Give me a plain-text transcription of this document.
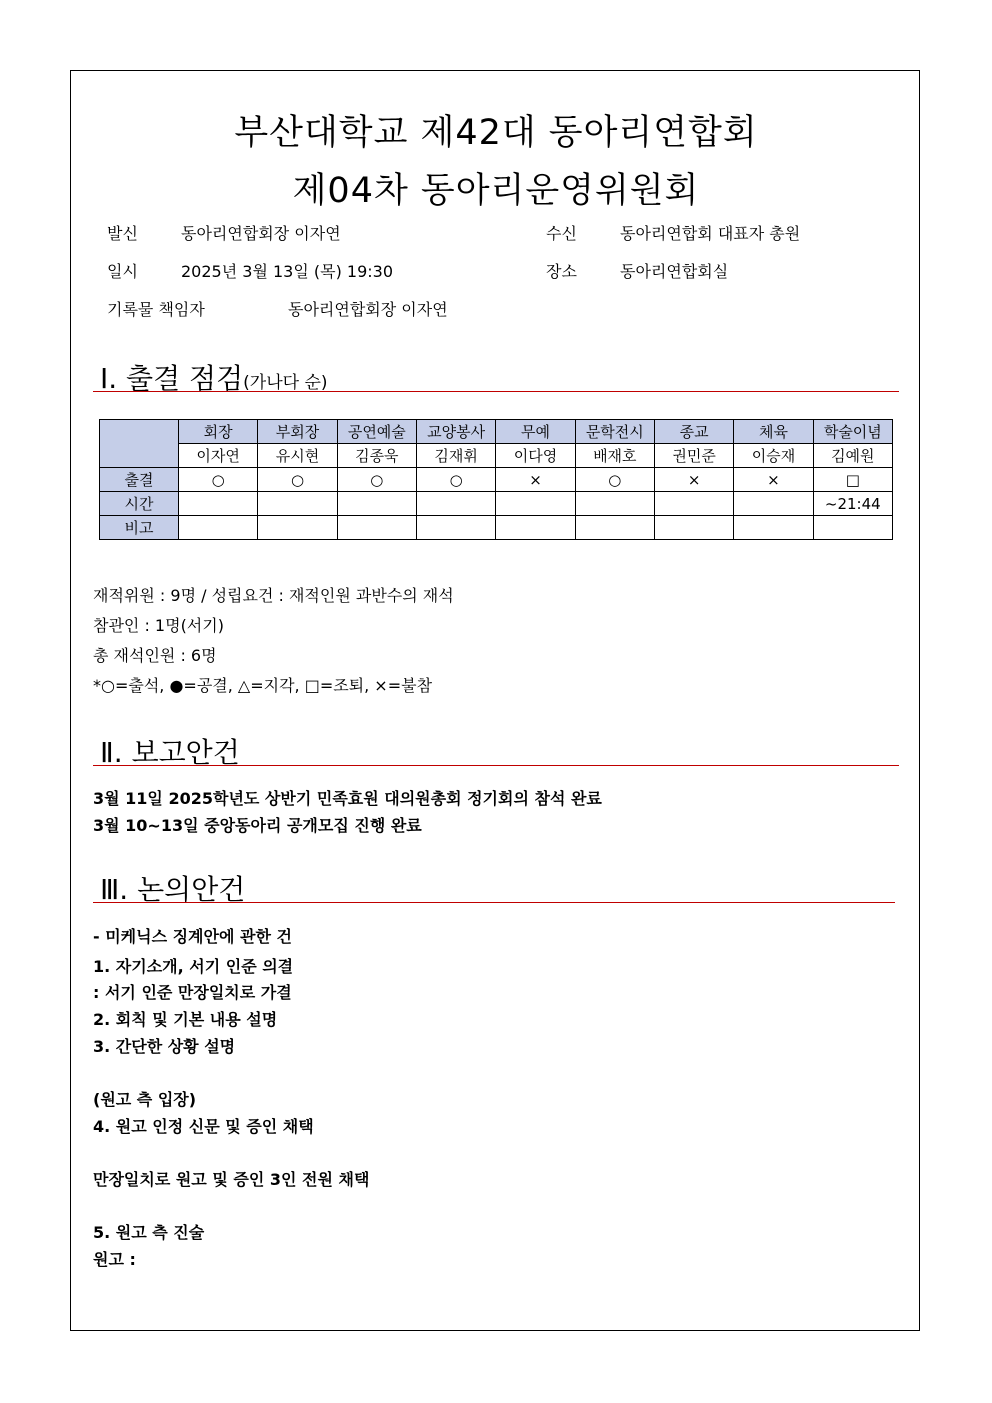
부산대학교 제42대 동아리연합회
제04차 동아리운영위원회
발신	동아리연합회장 이자연	수신	동아리연합회 대표자 총원
일시	2025년 3월 13일 (목) 19:30	장소	동아리연합회실
기록물 책임자	동아리연합회장 이자연
Ⅰ. 출결 점검(가나다 순)
	회장	부회장	공연예술	교양봉사	무예	문학전시	종교	체육	학술이념
	이자연	유시현	김종욱	김재휘	이다영	배재호	권민준	이승재	김예원
출결	○	○	○	○	×	○	×	×	□
시간									~21:44
비고									
재적위원 : 9명 / 성립요건 : 재적인원 과반수의 재석
참관인 : 1명(서기)
총 재석인원 : 6명
*○=출석, ●=공결, △=지각, □=조퇴, ×=불참
Ⅱ. 보고안건
3월 11일 2025학년도 상반기 민족효원 대의원총회 정기회의 참석 완료
3월 10~13일 중앙동아리 공개모집 진행 완료
Ⅲ. 논의안건
- 미케닉스 징계안에 관한 건
1. 자기소개, 서기 인준 의결
: 서기 인준 만장일치로 가결
2. 회칙 및 기본 내용 설명
3. 간단한 상황 설명
(원고 측 입장)
4. 원고 인정 신문 및 증인 채택
만장일치로 원고 및 증인 3인 전원 채택
5. 원고 측 진술
원고 :
